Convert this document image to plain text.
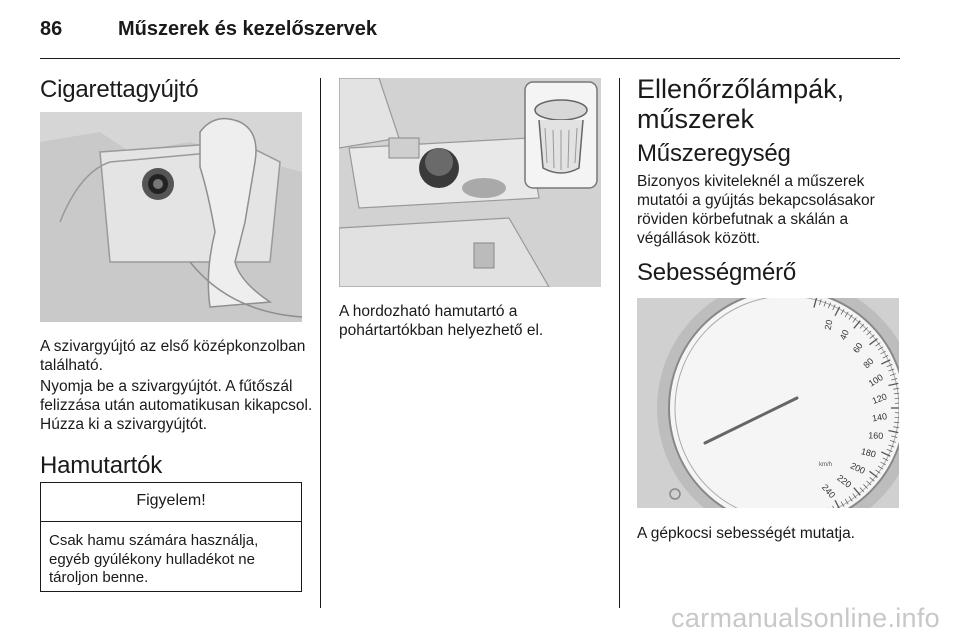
86	Műszerek és kezelőszervek
Cigarettagyújtó
A szivargyújtó az első középkonzolban található.
Nyomja be a szivargyújtót. A fűtőszál felizzása után automatikusan kikapcsol. Húzza ki a szivargyújtót.
Hamutartók
Figyelem!
Csak hamu számára használja, egyéb gyúlékony hulladékot ne tároljon benne.
A hordozható hamutartó a pohártartókban helyezhető el.
Ellenőrzőlámpák,
műszerek
Műszeregység
Bizonyos kiviteleknél a műszerek mutatói a gyújtás bekapcsolásakor röviden körbefutnak a skálán a végállások között.
Sebességmérő
20
40
60
80
100
120
140
160
180
200
220
240
km/h
A gépkocsi sebességét mutatja.
carmanualsonline.info
